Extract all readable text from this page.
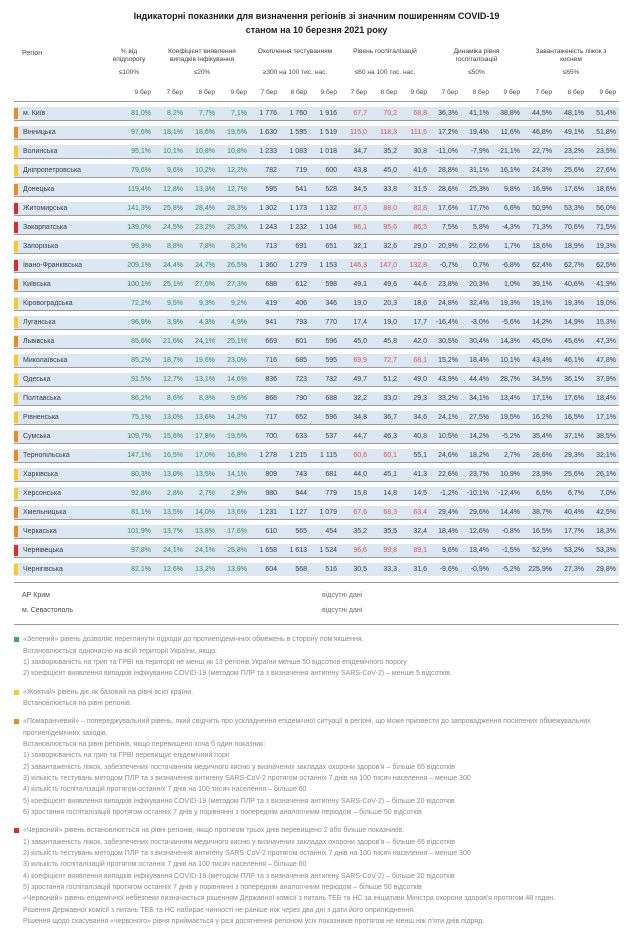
Індикаторні показники для визначення регіонів зі значним поширенням COVID-19
станом на 10 березня 2021 року
Регіон	% від епідпорогу
Коефіцієнт виявлення випадків інфікування
Охоплення тестуванням	Рівень госпіталізацій	Динаміка рівня госпіталізацій
Завантаженість ліжок з киснем
≤100%	≤20%	≥300 на 100 тис. нас.	≤60 на 100 тис. нас.	≤50%	≤65%
9 бер	7 бер	8 бер	9 бер	7 бер	8 бер	9 бер	7 бер	8 бер	9 бер	7 бер	8 бер	9 бер	7 бер	8 бер	9 бер
м. Київ	81,0%	8,2%	7,7%	7,1%	1 776	1 760	1 916	67,7	70,2	68,8	36,3%	41,1%	38,8%	44,5%	48,1%	51,4%
Вінницька	97,6%	18,1%	18,6%	19,5%	1 630	1 595	1 519	115,0	118,3	111,5	17,2%	19,4%	11,6%	46,8%	49,1%	51,8%
Волинська	95,1%	10,1%	10,8%	10,8%	1 233	1 083	1 018	34,7	35,2	30,8	-11,0%	-7,9%	-21,1%	22,7%	23,2%	23,5%
Дніпропетровська	79,6%	9,6%	10,2%	12,2%	782	719	600	43,8	45,0	41,6	28,8%	31,1%	16,1%	24,3%	25,6%	27,6%
Донецька	119,4%	12,8%	13,3%	12,7%	595	541	528	34,5	33,8	31,5	28,6%	25,3%	9,8%	16,9%	17,6%	18,6%
Житомирська	141,3%	25,8%	28,4%	28,3%	1 302	1 173	1 132	87,3	88,0	82,8	17,6%	17,7%	6,6%	50,9%	53,3%	56,0%
Закарпатська	139,0%	24,5%	23,2%	25,3%	1 243	1 232	1 104	96,1	95,6	86,5	7,5%	5,8%	-4,3%	71,3%	70,6%	71,5%
Запорізька	99,3%	8,8%	7,8%	8,2%	713	691	651	32,1	32,6	29,0	20,9%	22,6%	1,7%	18,6%	18,9%	19,3%
Івано-Франківська	209,1%	24,4%	24,7%	26,5%	1 360	1 279	1 153	146,3	147,0	132,8	-0,7%	0,7%	-6,8%	62,4%	62,7%	62,5%
Київська	100,1%	25,1%	27,6%	27,3%	688	612	598	49,1	49,6	44,6	23,8%	20,3%	1,0%	39,1%	40,6%	41,9%
Кіровоградська	72,2%	9,5%	9,3%	9,2%	419	406	346	19,0	20,3	18,6	24,8%	32,4%	19,3%	19,1%	19,3%	19,0%
Луганська	96,9%	3,9%	4,3%	4,9%	941	793	770	17,4	19,0	17,7	-16,4%	-3,0%	-5,6%	14,2%	14,9%	15,3%
Львівська	85,6%	21,6%	24,1%	25,1%	669	601	596	45,0	45,8	42,0	30,5%	30,4%	14,3%	45,0%	45,6%	47,3%
Миколаївська	85,2%	18,7%	19,6%	23,0%	716	685	595	69,9	72,7	68,1	15,2%	18,4%	10,1%	43,4%	46,1%	47,8%
Одеська	91,5%	12,7%	13,1%	14,6%	836	723	732	49,7	51,2	49,0	43,9%	44,4%	28,7%	34,5%	36,1%	37,9%
Полтавська	86,2%	8,6%	8,3%	9,6%	866	790	688	32,2	33,0	29,3	33,2%	34,1%	13,4%	17,1%	17,6%	18,4%
Рівненська	75,1%	13,0%	13,6%	14,2%	717	652	596	34,8	36,7	34,6	24,1%	27,5%	19,5%	16,2%	16,5%	17,1%
Сумська	109,7%	15,6%	17,8%	19,5%	700	633	537	44,7	46,3	40,8	10,5%	14,2%	-5,2%	35,4%	37,1%	38,5%
Тернопільська	147,1%	16,5%	17,0%	16,8%	1 278	1 215	1 115	60,6	60,1	55,1	24,6%	18,2%	2,7%	28,6%	29,3%	32,1%
Харківська	80,3%	13,0%	13,5%	14,1%	809	743	681	44,0	45,1	41,3	22,6%	23,7%	10,9%	23,9%	25,6%	26,1%
Херсонська	92,8%	2,8%	2,7%	2,9%	980	944	779	15,8	14,8	14,5	-1,2%	-10,1%	-12,4%	6,5%	6,7%	7,0%
Хмельницька	81,1%	13,5%	14,0%	13,6%	1 231	1 127	1 079	67,6	68,3	63,4	29,4%	29,6%	14,4%	38,7%	40,4%	42,5%
Черкаська	101,9%	13,7%	13,8%	17,6%	610	565	454	35,2	35,5	32,4	18,4%	12,6%	-0,8%	16,5%	17,7%	18,3%
Чернівецька	97,8%	24,1%	24,1%	25,8%	1 658	1 613	1 524	96,6	99,8	89,1	9,6%	13,4%	-1,5%	52,9%	53,2%	53,3%
Чернігівська	82,1%	12,6%	13,2%	13,9%	604	568	516	30,5	33,3	31,6	-9,6%	-0,9%	-5,2%	225,9%	27,3%	29,8%
АР Крим	відсутні дані
м. Севастополь	відсутні дані
«Зелений» рівень дозволяє переглянути підходи до протиепідемічних обмежень в сторону пом'якшення.
Встановлюється одночасно на всій території України, якщо:
1) захворюваність на грип та ГРВІ на території не менш як 13 регіонів України менше 50 відсотків епідемічного порогу
2) коефіцієнт виявлення випадків інфікування COVID-19 (методом ПЛР та з визначення антигену SARS-CoV-2) – менше 5 відсотків.
«Жовтий» рівень діє як базовий на рівні всієї країни.
Встановлюється на рівні регіонів.
«Помаранчевий» – попереджувальний рівень, який свідчить про ускладнення епідемічної ситуації в регіоні, що може призвести до запровадження посилених обмежувальних протиепідемічних заходів.
Встановлюється на рівні регіонів, якщо перевищено хоча б один показник:
1) захворюваність на грип та ГРВІ перевищує епідемічний поріг
2) завантаженість ліжок, забезпечених постачанням медичного кисню у визначених закладах охорони здоров'я – більше 65 відсотків
3) кількість тестувань методом ПЛР та з визначення антигену SARS-CoV-2 протягом останніх 7 днів на 100 тисяч населення – менше 300
4) кількість госпіталізацій протягом останніх 7 днів на 100 тисяч населення – більше 60
5) коефіцієнт виявлення випадків інфікування COVID-19 (методом ПЛР та з визначення антигену SARS-CoV-2) – більше 20 відсотків
6) зростання госпіталізацій протягом останніх 7 днів у порівнянні з попереднім аналогічним періодом – більше 50 відсотків
«Червоний» рівень встановлюється на рівні регіонів, якщо протягом трьох днів перевищено 2 або більше показників:
1) завантаженість ліжок, забезпечених постачанням медичного кисню у визначених закладах охорони здоров'я – більше 65 відсотків
2) кількість тестувань методом ПЛР та з визначення антигену SARS-CoV-2 протягом останніх 7 днів на 100 тисяч населення – менше 300
3) кількість госпіталізацій протягом останніх 7 днів на 100 тисяч населення – більше 60
4) коефіцієнт виявлення випадків інфікування COVID-19 (методом ПЛР та з визначення антигену SARS-CoV-2) – більше 20 відсотків
5) зростання госпіталізацій протягом останніх 7 днів у порівнянні з попереднім аналогічним періодом – більше 50 відсотків
«Червоний» рівень епідемічної небезпеки визначається рішенням Державної комісії з питань ТЕБ та НС за ініціативи Міністра охорони здоров'я протягом 48 годин.
Рішення Державної комісії з питань ТЕБ та НС набирає чинності не раніше ніж через два дні з дати його оприлюднення.
Рішення щодо скасування «червоного» рівня приймається у разі досягнення регіоном усіх показників протягом не менш ніж п'яти днів підряд.
